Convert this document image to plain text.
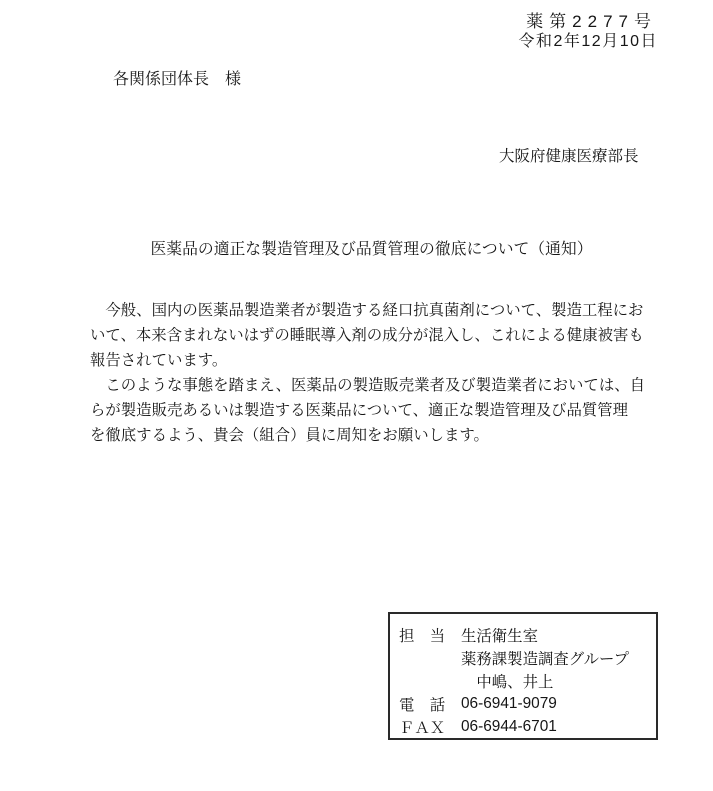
薬第2277号
令和2年12月10日
各関係団体長　様
大阪府健康医療部長
医薬品の適正な製造管理及び品質管理の徹底について（通知）
　今般、国内の医薬品製造業者が製造する経口抗真菌剤について、製造工程にお
いて、本来含まれないはずの睡眠導入剤の成分が混入し、これによる健康被害も
報告されています。
　このような事態を踏まえ、医薬品の製造販売業者及び製造業者においては、自
らが製造販売あるいは製造する医薬品について、適正な製造管理及び品質管理
を徹底するよう、貴会（組合）員に周知をお願いします。
担　当	生活衛生室
薬務課製造調査グループ
　中嶋、井上
電　話	06-6941-9079
ＦＡＸ	06-6944-6701
